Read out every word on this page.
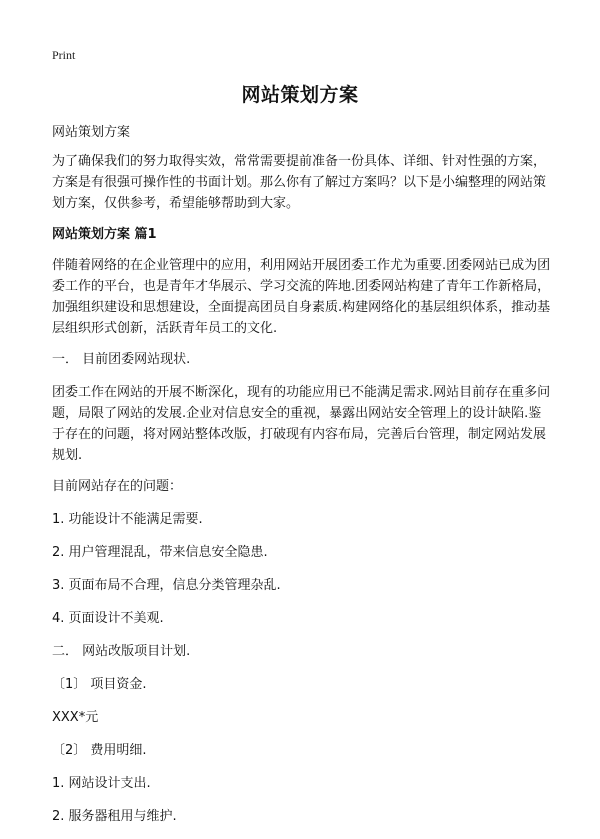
Print
网站策划方案

网站策划方案

为了确保我们的努力取得实效，常常需要提前准备一份具体、详细、针对性强的方案，方案是有很强可操作性的书面计划。那么你有了解过方案吗？以下是小编整理的网站策划方案，仅供参考，希望能够帮助到大家。

网站策划方案 篇1

伴随着网络的在企业管理中的应用，利用网站开展团委工作尤为重要.团委网站已成为团委工作的平台，也是青年才华展示、学习交流的阵地.团委网站构建了青年工作新格局，加强组织建设和思想建设，全面提高团员自身素质.构建网络化的基层组织体系，推动基层组织形式创新，活跃青年员工的文化.

一． 目前团委网站现状.

团委工作在网站的开展不断深化，现有的功能应用已不能满足需求.网站目前存在重多问题，局限了网站的发展.企业对信息安全的重视，暴露出网站安全管理上的设计缺陷.鉴于存在的问题，将对网站整体改版，打破现有内容布局，完善后台管理，制定网站发展规划.

目前网站存在的问题：

1. 功能设计不能满足需要.

2. 用户管理混乱，带来信息安全隐患.

3. 页面布局不合理，信息分类管理杂乱.

4. 页面设计不美观.

二． 网站改版项目计划.

〔1〕 项目资金.

XXX*元

〔2〕 费用明细.

1. 网站设计支出.

2. 服务器租用与维护.
